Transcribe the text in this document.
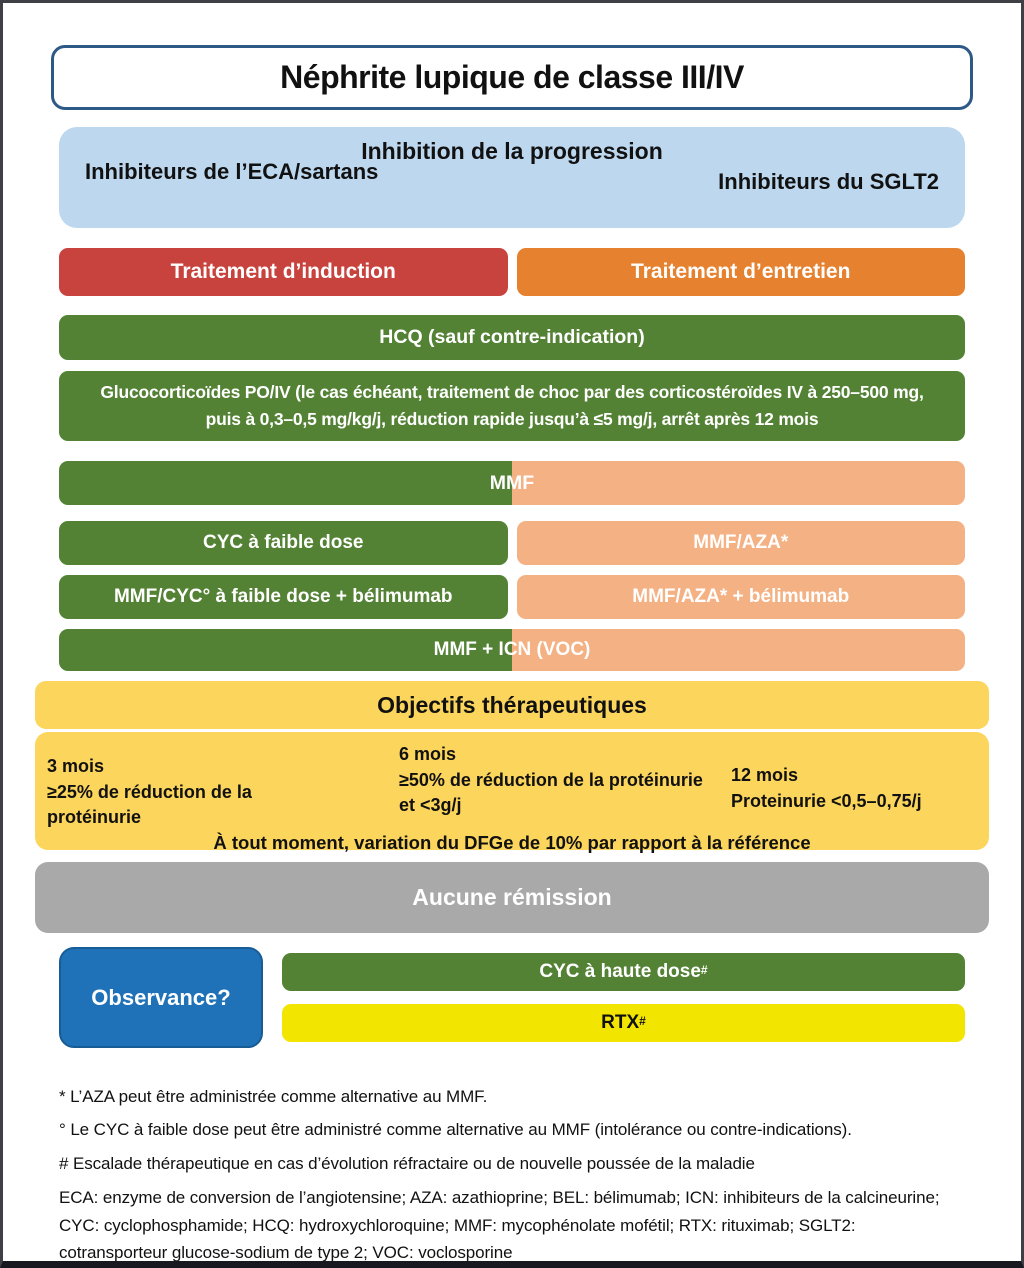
Néphrite lupique de classe III/IV
Inhibition de la progression
Inhibiteurs de l’ECA/sartans	Inhibiteurs du SGLT2
Traitement d’induction	Traitement d’entretien
HCQ (sauf contre-indication)
Glucocorticoïdes PO/IV (le cas échéant, traitement de choc par des corticostéroïdes IV à 250–500 mg,
puis à 0,3–0,5 mg/kg/j, réduction rapide jusqu’à ≤5 mg/j, arrêt après 12 mois
MMF
CYC à faible dose	MMF/AZA*
MMF/CYC° à faible dose + bélimumab	MMF/AZA* + bélimumab
MMF + ICN (VOC)
Objectifs thérapeutiques
3 mois
≥25% de réduction de la protéinurie
6 mois
≥50% de réduction de la protéinurie et <3g/j
12 mois
Proteinurie <0,5–0,75/j
À tout moment, variation du DFGe de 10% par rapport à la référence
Aucune rémission
Observance?
CYC à haute dose#
RTX#

* L’AZA peut être administrée comme alternative au MMF.

° Le CYC à faible dose peut être administré comme alternative au MMF (intolérance ou contre-indications).

# Escalade thérapeutique en cas d’évolution réfractaire ou de nouvelle poussée de la maladie

ECA: enzyme de conversion de l’angiotensine; AZA: azathioprine; BEL: bélimumab; ICN: inhibiteurs de la calcineurine; CYC: cyclophosphamide; HCQ: hydroxychloroquine; MMF: mycophénolate mofétil; RTX: rituximab; SGLT2: cotransporteur glucose-sodium de type 2; VOC: voclosporine
